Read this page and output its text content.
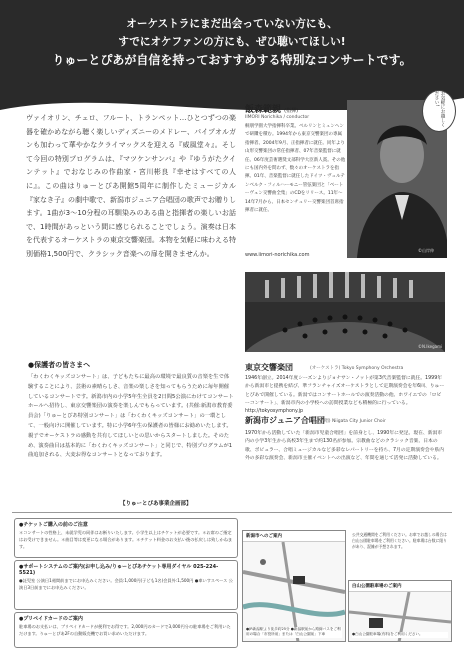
オーケストラにまだ出会っていない方にも、
すでにオケファンの方にも、ぜひ聴いてほしい!
りゅーとぴあが自信を持っておすすめする特別なコンサートです。
ヴァイオリン、チェロ、フルート、トランペット…ひとつずつの楽器を確かめながら聴く楽しいディズニーのメドレー、パイプオルガンも加わって華やかなクライマックスを迎える『威風堂々』。そして今回の特別プログラムは、『マツケンサンバ』や『ゆうがたクインテット』でおなじみの作曲家・宮川彬良『幸せはすべての人に』。この曲はりゅーとぴあ開館5周年に制作したミュージカル『家なき子』の劇中歌で、新潟市ジュニア合唱団の歌声でお贈りします。1曲が3〜10分程の耳馴染みのある曲と指揮者の楽しいお話で、1時間があっという間に感じられることでしょう。演奏は日本を代表するオーケストラの東京交響楽団。本物を気軽に味わえる特別価格1,500円で、クラシック音楽への扉を開きませんか。
飯森範親 (指揮)
IIMORI Norichika / conductor
桐朋学園大学指揮科卒業。ベルリンとミュンヘンで研鑽を積む。1994年から東京交響楽団の専属指揮者、2004年9月、正指揮者に就任。同年より山形交響楽団の常任指揮者、07年音楽監督に就任。06年度芸術選奨文部科学大臣新人賞。その他にも国内外を問わず、数々のオーケストラを指揮。01年、音楽監督に就任したドイツ・ヴュルテンベルク・フィルハーモニー管弦楽団と「ベートーヴェン交響曲全集」のCDをリリース。11年〜14年7月から、日本センチュリー交響楽団首席指揮者に就任。
www.iimori-norichika.com
©山岸伸
お気軽にお越しください!
©N.Ikegami
東京交響楽団	(オーケストラ) Tokyo Symphony Orchestra
1946年創立。2014年度シーズンよりジョナサン・ノットが第3代音楽監督に就任。1999年から新潟市と提携を結び、準フランチャイズオーケストラとして定期演奏会を年6回、りゅーとぴあで開催している。新潟ではコンサートホールでの演奏活動の他、ホワイエでの「ロビーコンサート」、新潟市内の小学校への訪問授業なども積極的に行っている。 http://tokyosymphony.jp
新潟市ジュニア合唱団
(合唱) Niigata City Junior Choir
1970年から活動していた「新潟市児童合唱団」を前身とし、1990年に発足。現在、新潟市内の小学3年生から高校3年生まで約130名が参加。宗教曲などのクラシック音楽、日本の歌、ポピュラー、合唱ミュージカルなど多彩なレパートリーを持ち、7月の定期演奏会や県内外の多彩な演奏会、新潟市主催イベントへの出演など、年間を通じて活発に活動している。
●保護者の皆さまへ
「わくわくキッズコンサート」は、子どもたちに最高の環境で最良質の音楽を生で体験することにより、芸術の素晴らしさ、音楽の楽しさを知ってもらうために毎年開催しているコンサートです。新潟市内の小学5年生全員を2日間5公演にわけてコンサートホールへ招待し、東京交響楽団の演奏を楽しんでもらっています。(共催:新潟市教育委員会)「りゅーとぴあ特別コンサート」は「わくわくキッズコンサート」の一環として、一般向けに開催しています。特に小学6年生の保護者の皆様にお勧めいたします。親子でオーケストラの感動を共有してほしいとの思いからスタートしました。そのため、演奏曲目は基本的に「わくわくキッズコンサート」と同じで、特別プログラムが1曲追加される、大変お得なコンサートとなっております。
【りゅーとぴあ事業企画部】
●チケットご購入の前のご注意
＊コンサートの性格上、未就学児の同伴はお断りいたします。小学生以上はチケットが必要です。＊お席のご指定はお受けできません。＊曲目等は変更になる場合があります。＊チケット料金のお支払い後の払戻しは致しかねます。
●サポートシステムのご案内(お申し込み/りゅーとぴあチケット専用ダイヤル 025-224-5521)
●託児室 公演日1週間前までにお申込みください。会員:1,000円(子ども1名)会員外:1,500円 ●車いすスペース 公演日3日前までにお申込みください。
●プリペイドカードのご案内
駐車場のお支払いは、プリペイドカードが便利でお得です。2,000円のカードで3,000円分の駐車場をご利用いただけます。りゅーとぴあ2Fの自動販売機でお買い求めいただけます。
新潟市へのご案内
●JR新潟駅より徒歩約25分 ●新潟駅前から路線バスをご利用の場合「市役所前」または「白山公園前」下車
白山公園駐車場のご案内
●白山公園駐車場(有料)をご利用ください。
公共交通機関をご利用ください。お車でお越しの場合は白山公園駐車場をご利用ください。駐車場は台数に限りがあり、混雑が予想されます。
